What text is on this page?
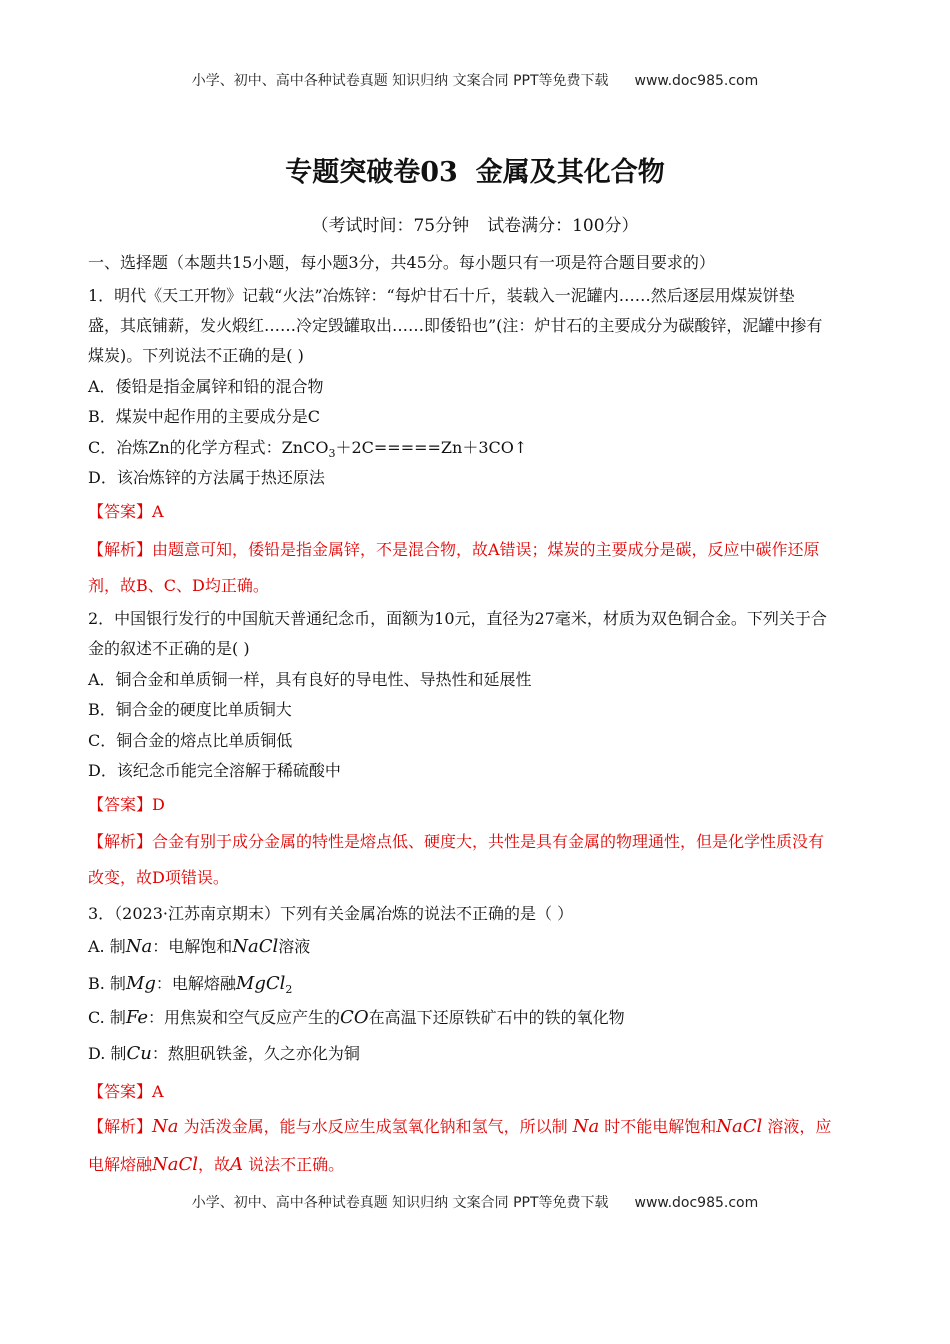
小学、初中、高中各种试卷真题 知识归纳 文案合同 PPT等免费下载 www.doc985.com
专题突破卷03 金属及其化合物
（考试时间：75分钟 试卷满分：100分）
一、选择题（本题共15小题，每小题3分，共45分。每小题只有一项是符合题目要求的）
1．明代《天工开物》记载“火法”冶炼锌：“每炉甘石十斤，装载入一泥罐内……然后逐层用煤炭饼垫
盛，其底铺薪，发火煅红……冷定毁罐取出……即倭铅也”(注：炉甘石的主要成分为碳酸锌，泥罐中掺有
煤炭)。下列说法不正确的是( )
A．倭铅是指金属锌和铅的混合物
B．煤炭中起作用的主要成分是C
C．冶炼Zn的化学方程式：ZnCO$_3$＋2C=====Zn＋3CO↑
D．该冶炼锌的方法属于热还原法
【答案】A
【解析】由题意可知，倭铅是指金属锌，不是混合物，故A错误；煤炭的主要成分是碳，反应中碳作还原
剂，故B、C、D均正确。
2．中国银行发行的中国航天普通纪念币，面额为10元，直径为27毫米，材质为双色铜合金。下列关于合
金的叙述不正确的是( )
A．铜合金和单质铜一样，具有良好的导电性、导热性和延展性
B．铜合金的硬度比单质铜大
C．铜合金的熔点比单质铜低
D．该纪念币能完全溶解于稀硫酸中
【答案】D
【解析】合金有别于成分金属的特性是熔点低、硬度大，共性是具有金属的物理通性，但是化学性质没有
改变，故D项错误。
3．（2023·江苏南京期末）下列有关金属冶炼的说法不正确的是（ ）
A. 制Na：电解饱和NaCl溶液
B. 制Mg：电解熔融MgCl$_2$
C. 制Fe：用焦炭和空气反应产生的CO在高温下还原铁矿石中的铁的氧化物
D. 制Cu：熬胆矾铁釜，久之亦化为铜
【答案】A
【解析】Na 为活泼金属，能与水反应生成氢氧化钠和氢气，所以制 Na 时不能电解饱和NaCl 溶液，应
电解熔融NaCl，故A 说法不正确。
小学、初中、高中各种试卷真题 知识归纳 文案合同 PPT等免费下载 www.doc985.com
